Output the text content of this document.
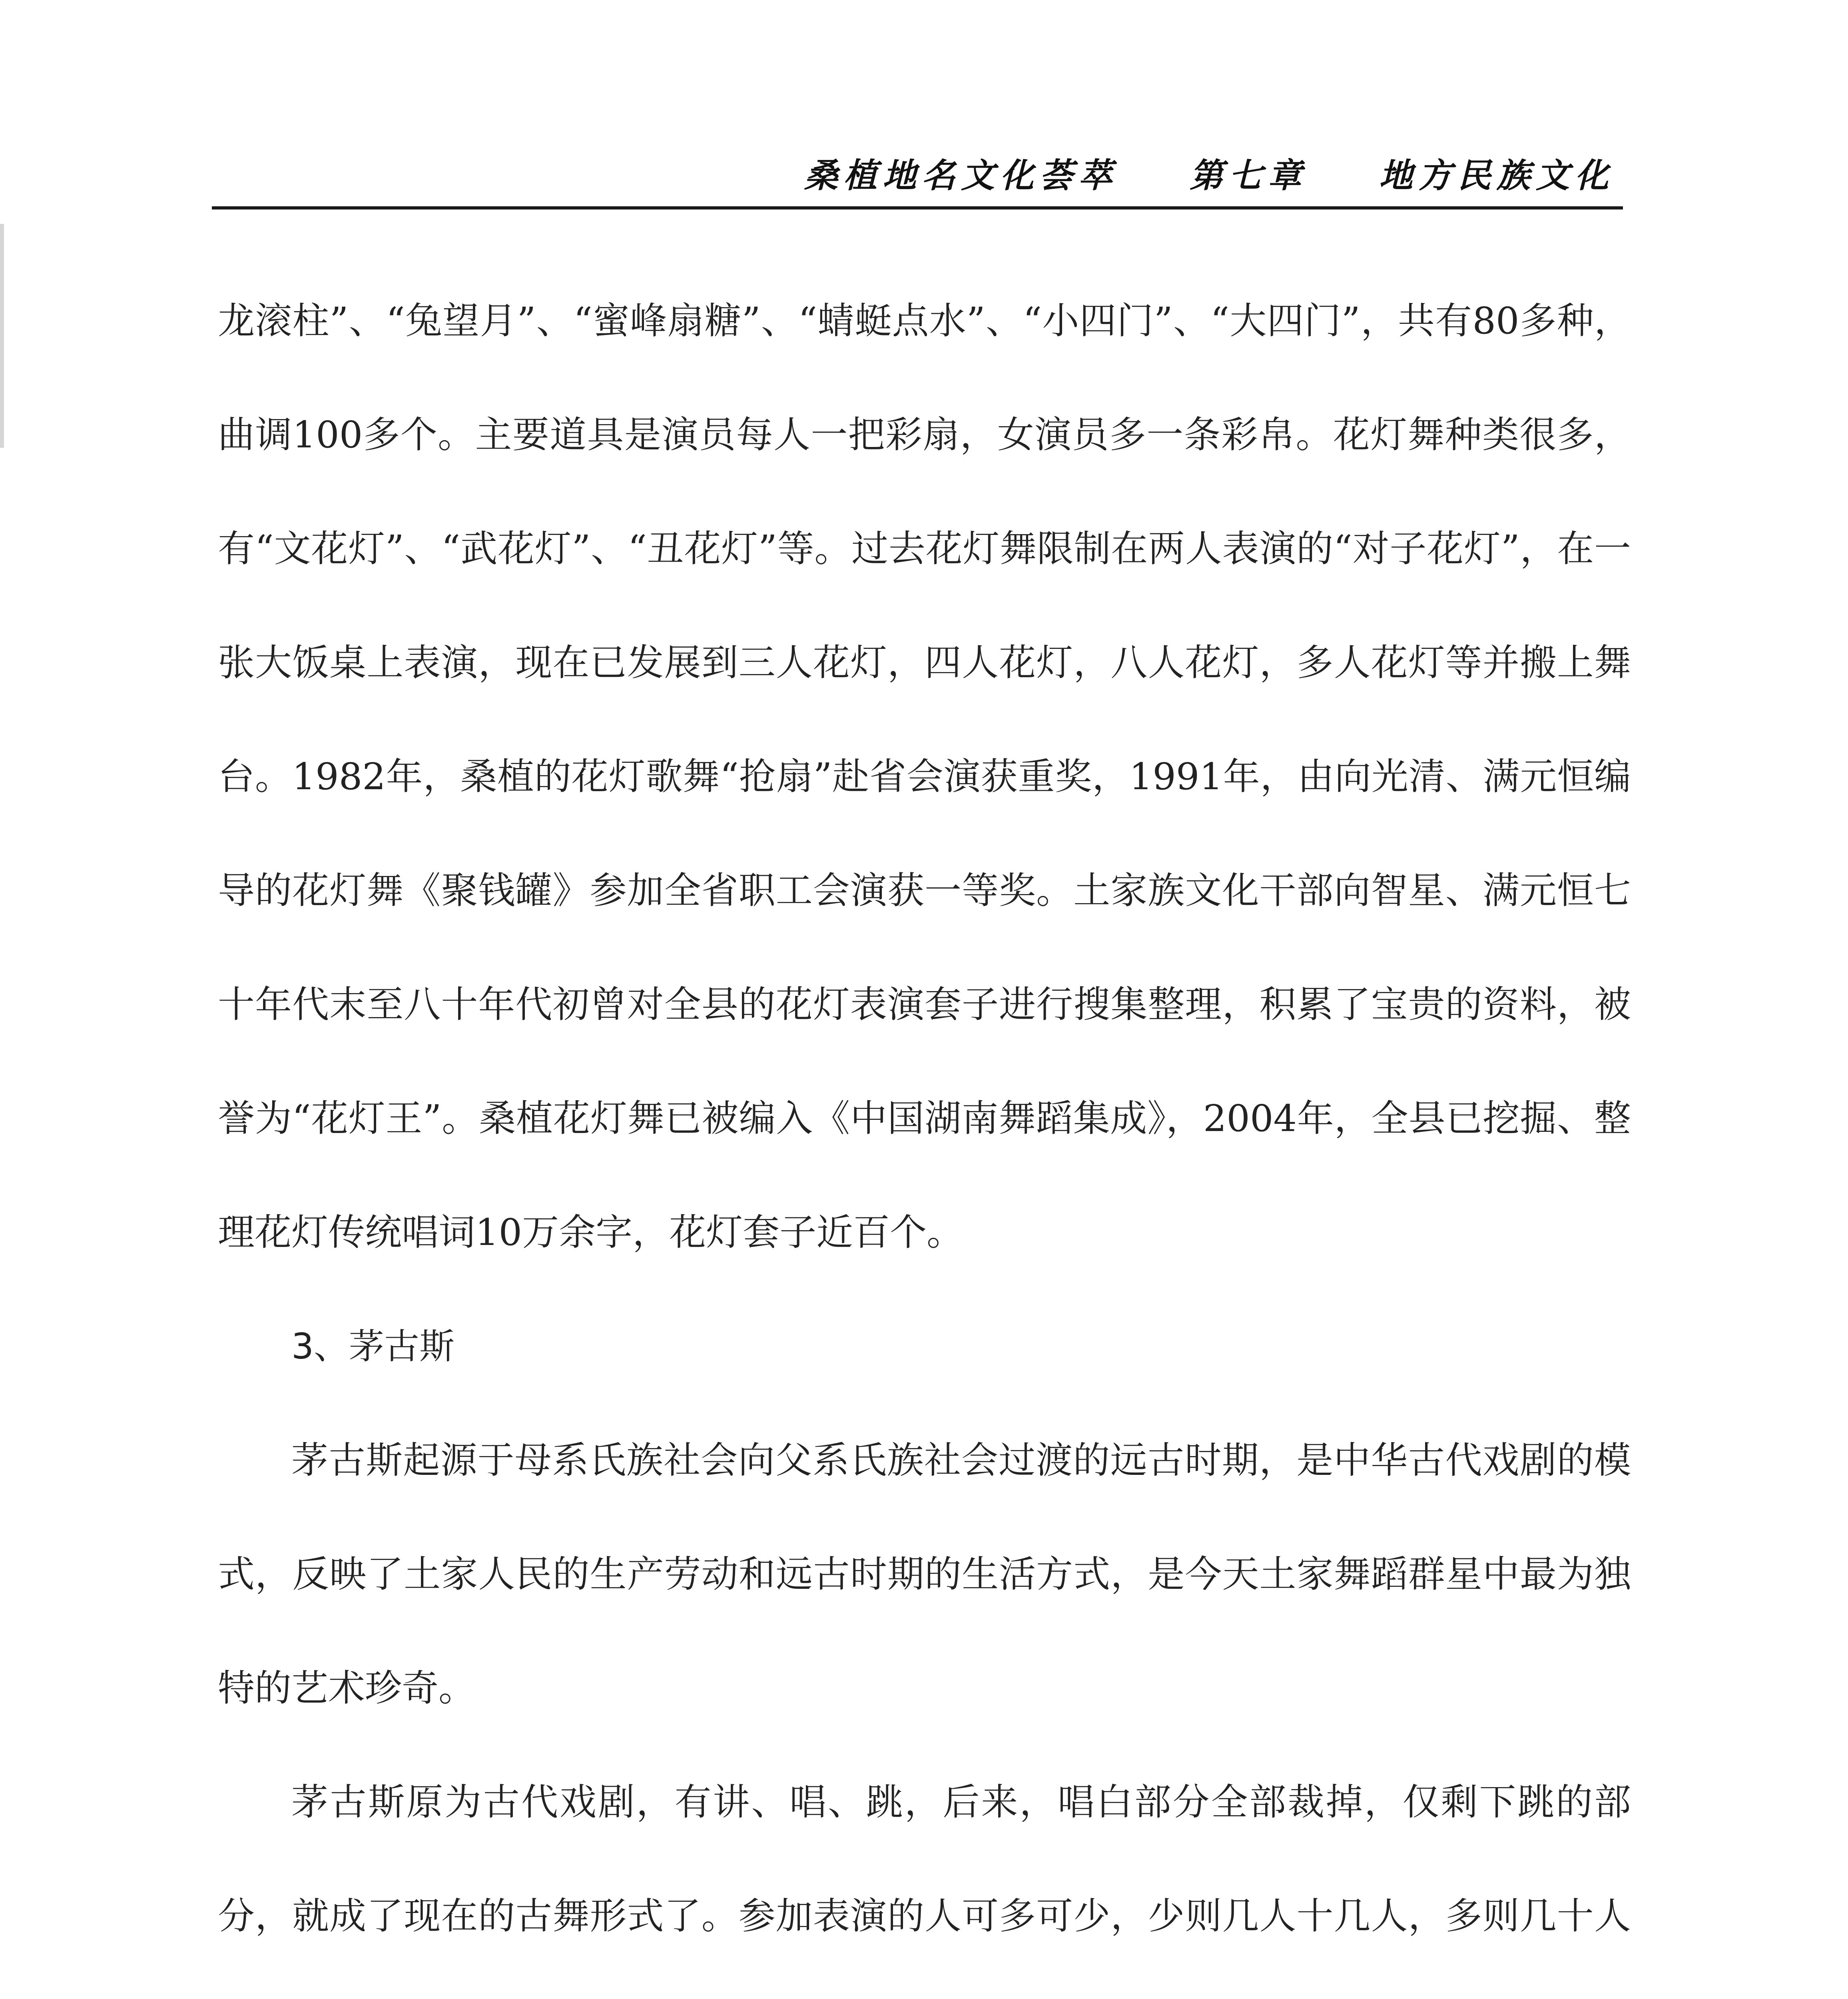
桑植地名文化荟萃 第七章 地方民族文化

龙滚柱”、“兔望月”、“蜜峰扇糖”、“蜻蜓点水”、“小四门”、“大四门”，共有80多种，曲调100多个。主要道具是演员每人一把彩扇，女演员多一条彩帛。花灯舞种类很多，有“文花灯”、“武花灯”、“丑花灯”等。过去花灯舞限制在两人表演的“对子花灯”，在一张大饭桌上表演，现在已发展到三人花灯，四人花灯，八人花灯，多人花灯等并搬上舞台。1982年，桑植的花灯歌舞“抢扇”赴省会演获重奖，1991年，由向光清、满元恒编导的花灯舞《聚钱罐》参加全省职工会演获一等奖。土家族文化干部向智星、满元恒七十年代末至八十年代初曾对全县的花灯表演套子进行搜集整理，积累了宝贵的资料，被誉为“花灯王”。桑植花灯舞已被编入《中国湖南舞蹈集成》，2004年，全县已挖掘、整理花灯传统唱词10万余字，花灯套子近百个。

3、茅古斯

茅古斯起源于母系氏族社会向父系氏族社会过渡的远古时期，是中华古代戏剧的模式，反映了土家人民的生产劳动和远古时期的生活方式，是今天土家舞蹈群星中最为独特的艺术珍奇。

茅古斯原为古代戏剧，有讲、唱、跳，后来，唱白部分全部裁掉，仅剩下跳的部分，就成了现在的古舞形式了。参加表演的人可多可少，少则几人十几人，多则几十人
